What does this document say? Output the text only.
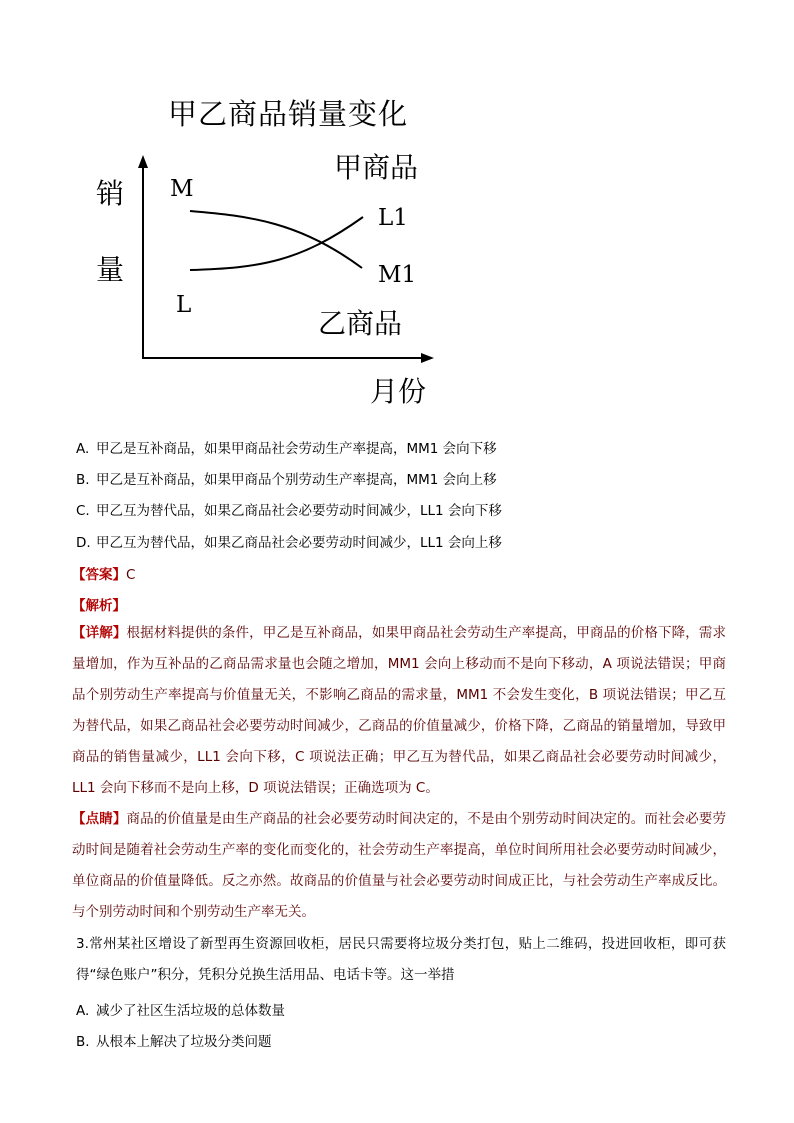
甲乙商品销量变化
销
量
甲商品
乙商品
月份
M
M1
L
L1
A. 甲乙是互补商品，如果甲商品社会劳动生产率提高，MM1 会向下移
B. 甲乙是互补商品，如果甲商品个别劳动生产率提高，MM1 会向上移
C. 甲乙互为替代品，如果乙商品社会必要劳动时间减少，LL1 会向下移
D. 甲乙互为替代品，如果乙商品社会必要劳动时间减少，LL1 会向上移
【答案】C
【解析】

【详解】根据材料提供的条件，甲乙是互补商品，如果甲商品社会劳动生产率提高，甲商品的价格下降，需求量增加，作为互补品的乙商品需求量也会随之增加，MM1 会向上移动而不是向下移动，A 项说法错误；甲商品个别劳动生产率提高与价值量无关，不影响乙商品的需求量，MM1 不会发生变化，B 项说法错误；甲乙互为替代品，如果乙商品社会必要劳动时间减少，乙商品的价值量减少，价格下降，乙商品的销量增加，导致甲商品的销售量减少，LL1 会向下移，C 项说法正确；甲乙互为替代品，如果乙商品社会必要劳动时间减少，LL1 会向下移而不是向上移，D 项说法错误；正确选项为 C。

【点睛】商品的价值量是由生产商品的社会必要劳动时间决定的，不是由个别劳动时间决定的。而社会必要劳动时间是随着社会劳动生产率的变化而变化的，社会劳动生产率提高，单位时间所用社会必要劳动时间减少，单位商品的价值量降低。反之亦然。故商品的价值量与社会必要劳动时间成正比，与社会劳动生产率成反比。与个别劳动时间和个别劳动生产率无关。

3.常州某社区增设了新型再生资源回收柜，居民只需要将垃圾分类打包，贴上二维码，投进回收柜，即可获得“绿色账户”积分，凭积分兑换生活用品、电话卡等。这一举措

A. 减少了社区生活垃圾的总体数量
B. 从根本上解决了垃圾分类问题
